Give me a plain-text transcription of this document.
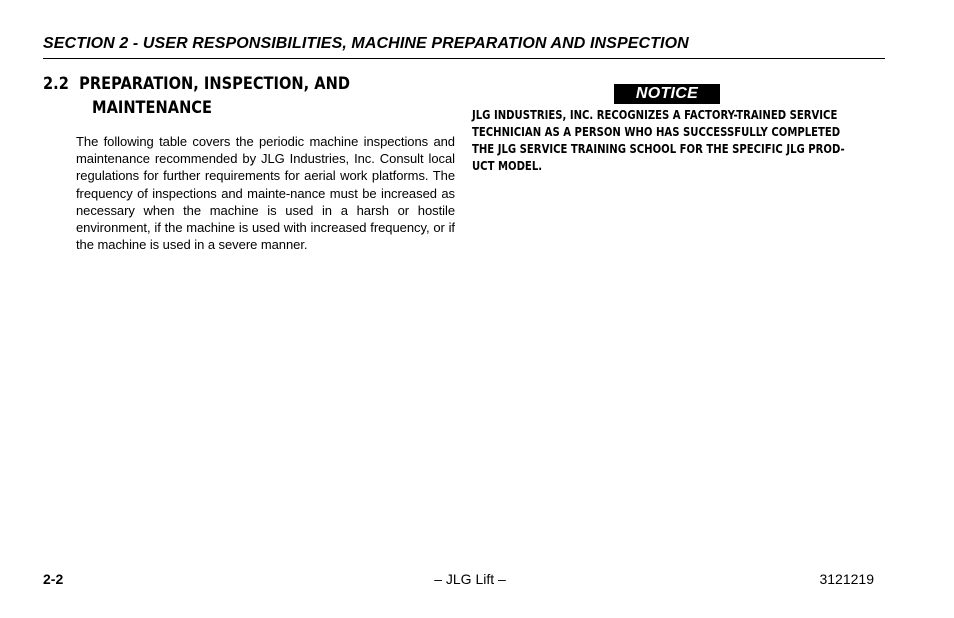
SECTION 2 - USER RESPONSIBILITIES, MACHINE PREPARATION AND INSPECTION
2.2 PREPARATION, INSPECTION, AND
MAINTENANCE
The following table covers the periodic machine inspections and maintenance recommended by JLG Industries, Inc. Consult local regulations for further requirements for aerial work platforms. The frequency of inspections and mainte-nance must be increased as necessary when the machine is used in a harsh or hostile environment, if the machine is used with increased frequency, or if the machine is used in a severe manner.
NOTICE
JLG INDUSTRIES, INC. RECOGNIZES A FACTORY-TRAINED SERVICE
TECHNICIAN AS A PERSON WHO HAS SUCCESSFULLY COMPLETED
THE JLG SERVICE TRAINING SCHOOL FOR THE SPECIFIC JLG PROD-
UCT MODEL.
2-2	– JLG Lift –	3121219
